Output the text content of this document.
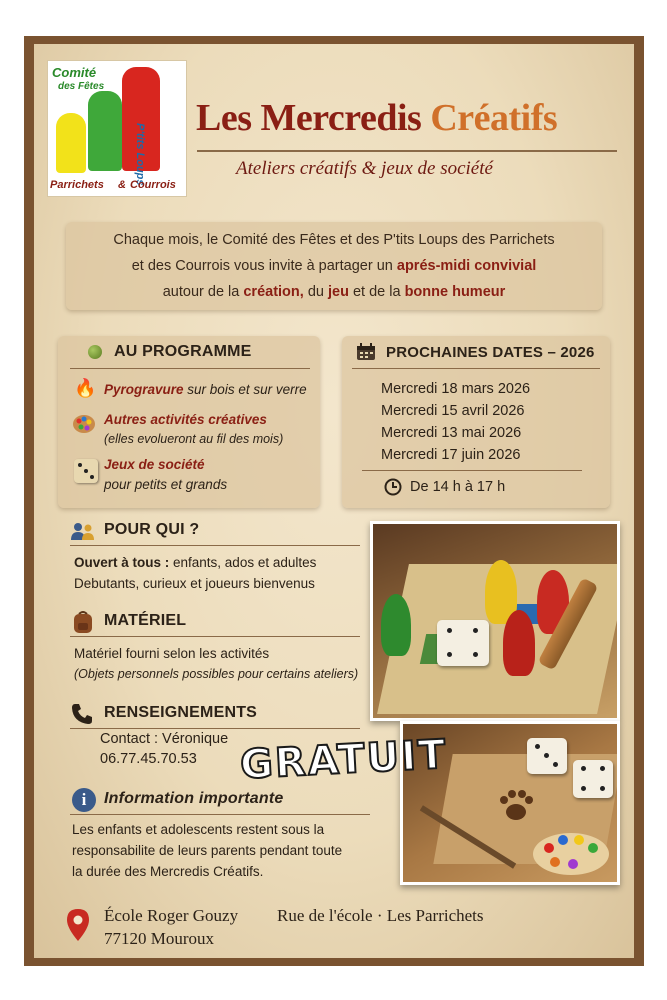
Comité
des Fêtes
P'tits Loups
Parrichets & Courrois
Les Mercredis Créatifs
Ateliers créatifs & jeux de société

Chaque mois, le Comité des Fêtes et des P'tits Loups des Parrichets

et des Courrois vous invite à partager un aprés-midi convivial

autour de la création, du jeu et de la bonne humeur

AU PROGRAMME
🔥 Pyrogravure sur bois et sur verre
Autres activités créatives
(elles evolueront au fil des mois)
Jeux de société
pour petits et grands
PROCHAINES DATES – 2026
Mercredi 18 mars 2026
Mercredi 15 avril 2026
Mercredi 13 mai 2026
Mercredi 17 juin 2026
De 14 h à 17 h
POUR QUI ?
Ouvert à tous : enfants, ados et adultes
Debutants, curieux et joueurs bienvenus
MATÉRIEL
Matériel fourni selon les activités
(Objets personnels possibles pour certains ateliers)
RENSEIGNEMENTS
Contact : Véronique
06.77.45.70.53 GRATUIT
i	Information importante
Les enfants et adolescents restent sous la
responsabilite de leurs parents pendant toute
la durée des Mercredis Créatifs.
École Roger Gouzy Rue de l'école · Les Parrichets
77120 Mouroux
